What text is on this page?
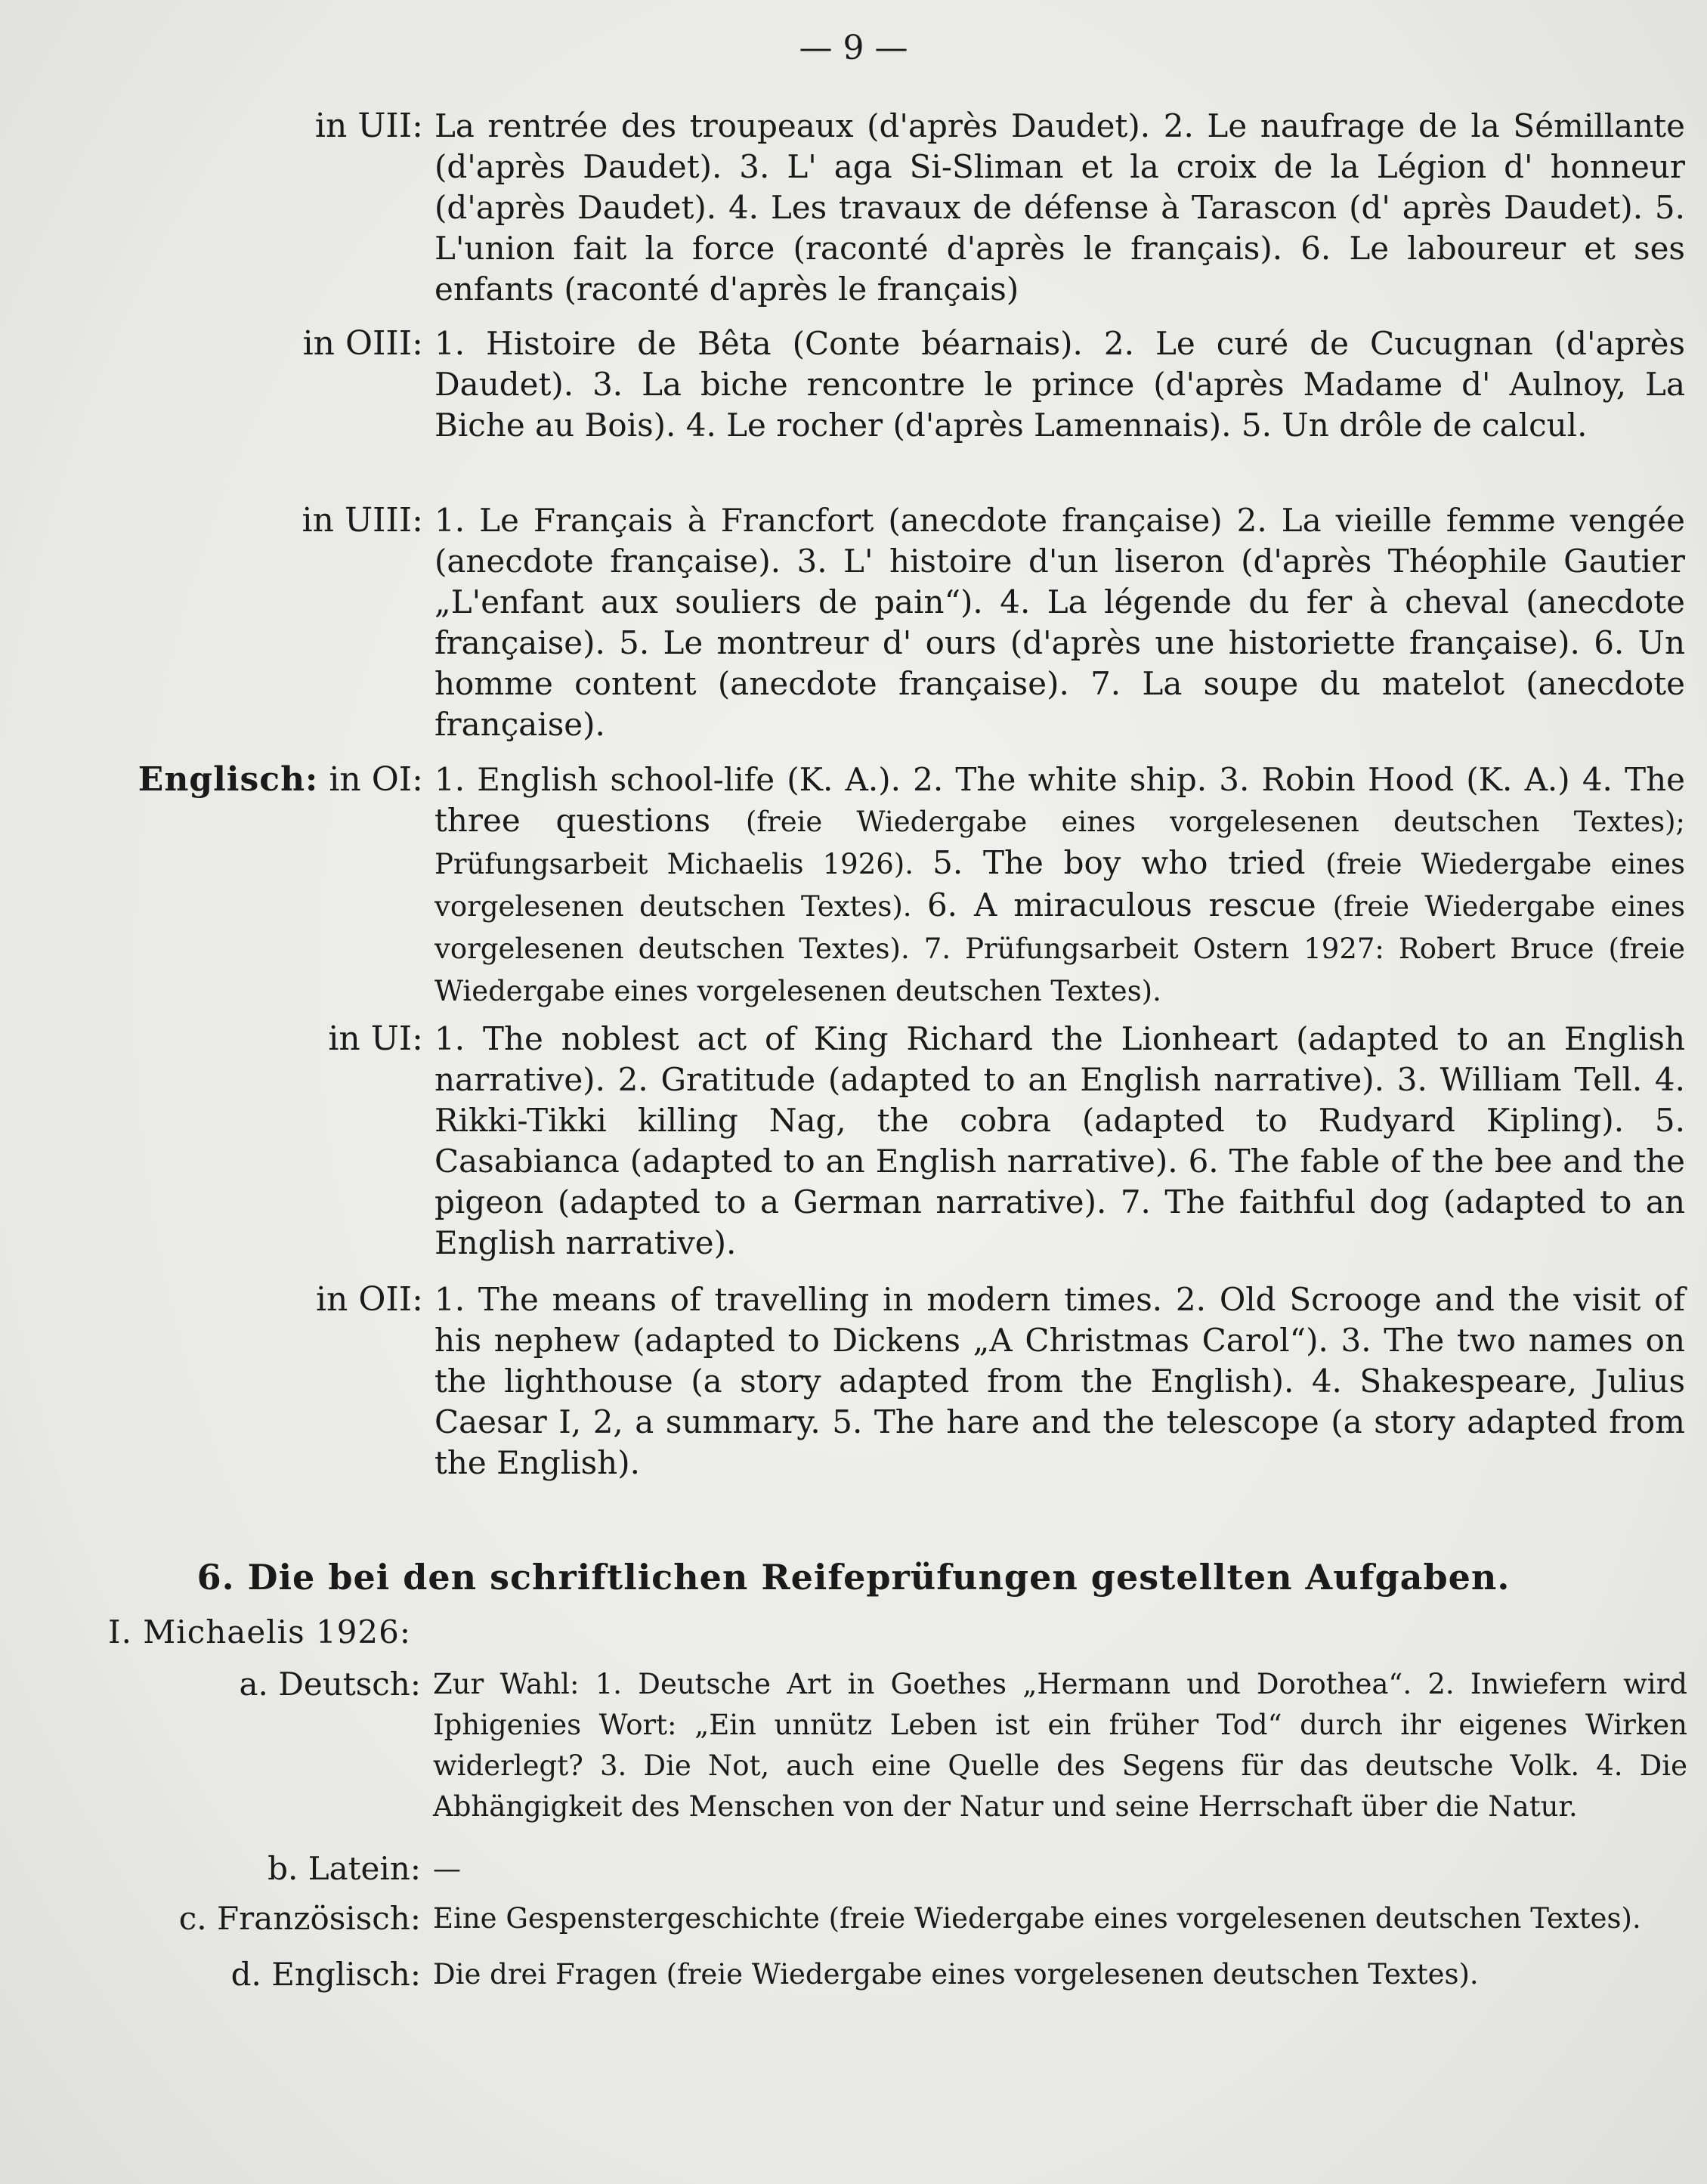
— 9 —
in UII: La rentrée des troupeaux (d'après Daudet). 2. Le naufrage de la Sémillante (d'après Daudet). 3. L' aga Si-Sliman et la croix de la Légion d' honneur (d'après Daudet). 4. Les travaux de défense à Tarascon (d' après Daudet). 5. L'union fait la force (raconté d'après le français). 6. Le laboureur et ses enfants (raconté d'après le français)
in OIII: 1. Histoire de Bêta (Conte béarnais). 2. Le curé de Cucugnan (d'après Daudet). 3. La biche rencontre le prince (d'après Madame d' Aulnoy, La Biche au Bois). 4. Le rocher (d'après Lamennais). 5. Un drôle de calcul.
in UIII: 1. Le Français à Francfort (anecdote française) 2. La vieille femme vengée (anecdote française). 3. L' histoire d'un liseron (d'après Théophile Gautier „L'enfant aux souliers de pain“). 4. La légende du fer à cheval (anecdote française). 5. Le montreur d' ours (d'après une historiette française). 6. Un homme content (anecdote française). 7. La soupe du matelot (anecdote française).
Englisch: in OI: 1. English school-life (K. A.). 2. The white ship. 3. Robin Hood (K. A.) 4. The three questions (freie Wiedergabe eines vorgelesenen deutschen Textes); Prüfungsarbeit Michaelis 1926). 5. The boy who tried (freie Wiedergabe eines vorgelesenen deutschen Textes). 6. A miraculous rescue (freie Wiedergabe eines vorgelesenen deutschen Textes). 7. Prüfungsarbeit Ostern 1927: Robert Bruce (freie Wiedergabe eines vorgelesenen deutschen Textes).
in UI: 1. The noblest act of King Richard the Lionheart (adapted to an English narrative). 2. Gratitude (adapted to an English narrative). 3. William Tell. 4. Rikki-Tikki killing Nag, the cobra (adapted to Rudyard Kipling). 5. Casabianca (adapted to an English narrative). 6. The fable of the bee and the pigeon (adapted to a German narrative). 7. The faithful dog (adapted to an English narrative).
in OII: 1. The means of travelling in modern times. 2. Old Scrooge and the visit of his nephew (adapted to Dickens „A Christmas Carol“). 3. The two names on the lighthouse (a story adapted from the English). 4. Shakespeare, Julius Caesar I, 2, a summary. 5. The hare and the telescope (a story adapted from the English).
6. Die bei den schriftlichen Reifeprüfungen gestellten Aufgaben.
I. Michaelis 1926:
a. Deutsch: Zur Wahl: 1. Deutsche Art in Goethes „Hermann und Dorothea“. 2. Inwiefern wird Iphigenies Wort: „Ein unnütz Leben ist ein früher Tod“ durch ihr eigenes Wirken widerlegt? 3. Die Not, auch eine Quelle des Segens für das deutsche Volk. 4. Die Abhängigkeit des Menschen von der Natur und seine Herrschaft über die Natur.
b. Latein: —
c. Französisch: Eine Gespenstergeschichte (freie Wiedergabe eines vorgelesenen deutschen Textes).
d. Englisch: Die drei Fragen (freie Wiedergabe eines vorgelesenen deutschen Textes).
